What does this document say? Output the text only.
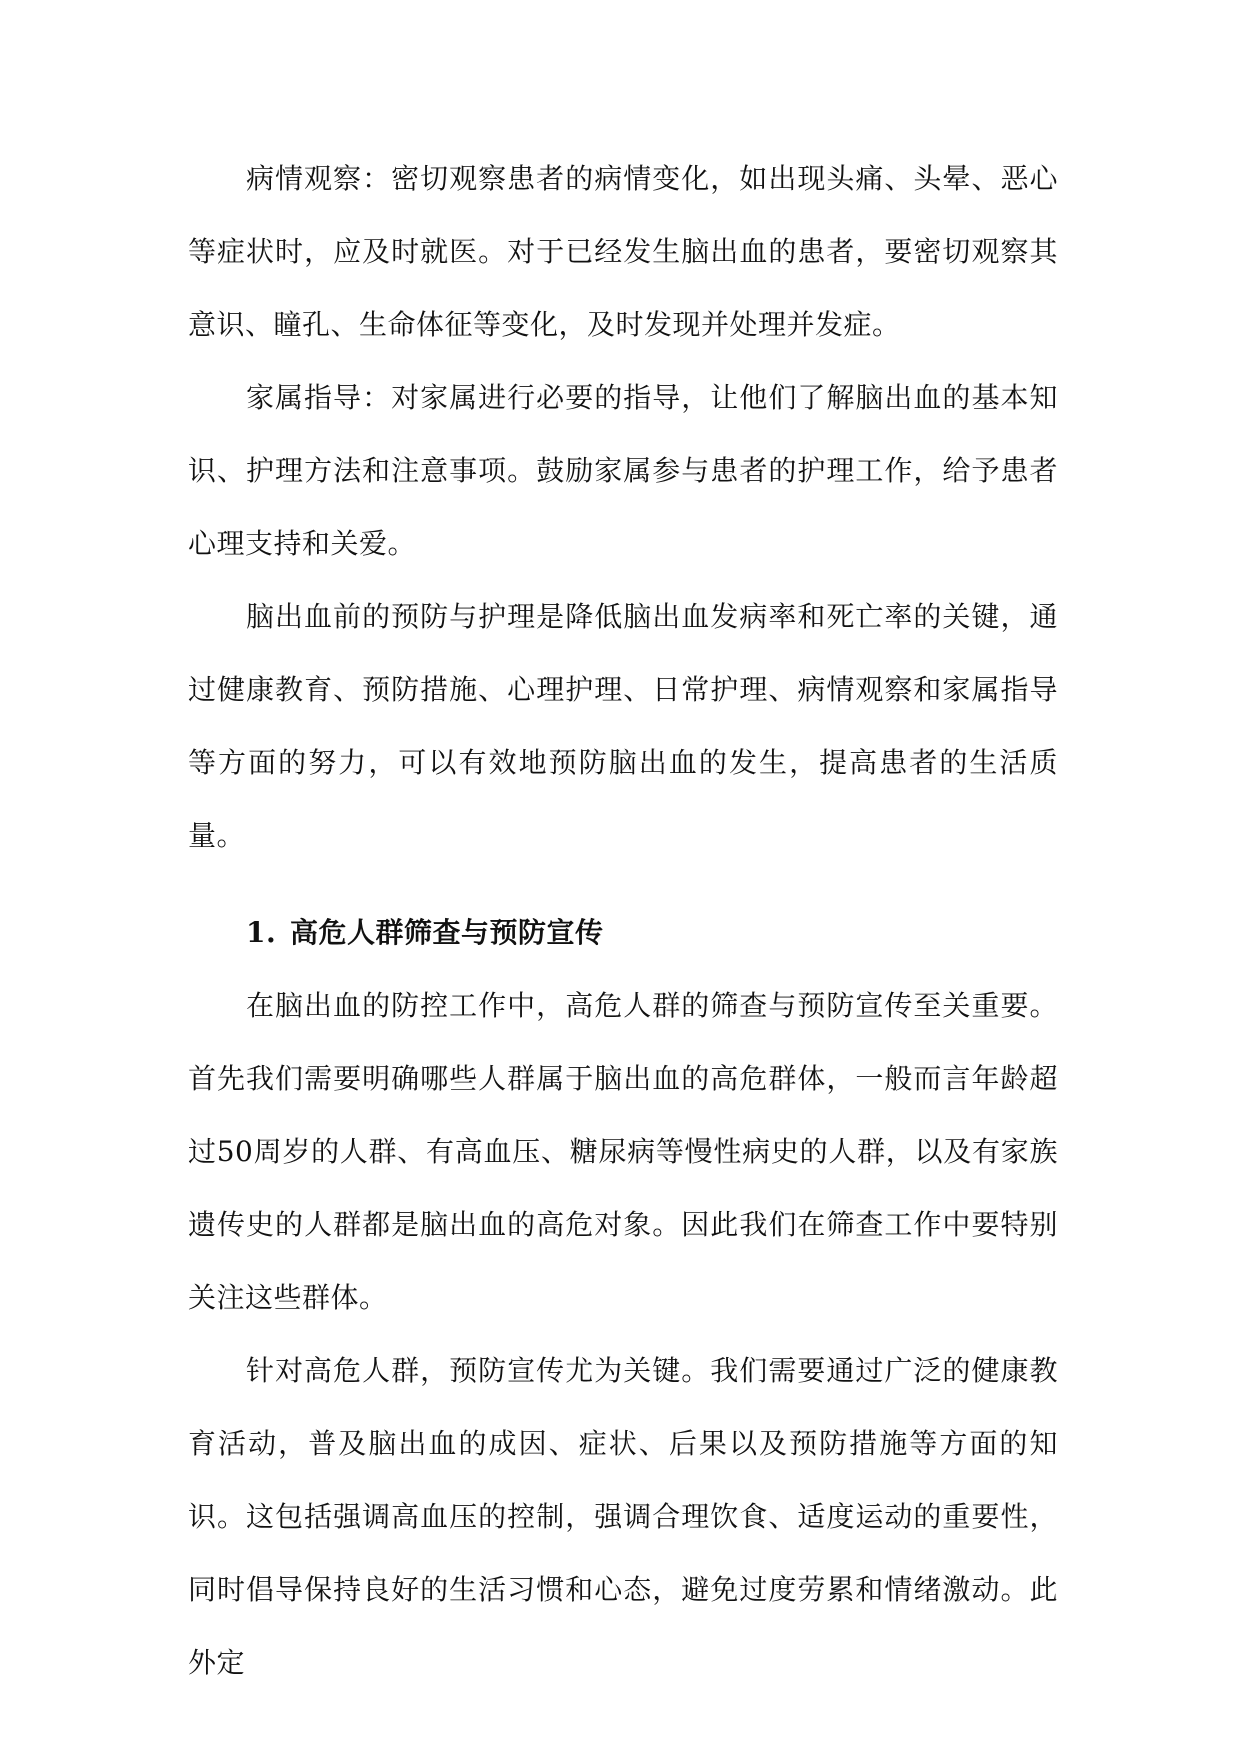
病情观察：密切观察患者的病情变化，如出现头痛、头晕、恶心等症状时，应及时就医。对于已经发生脑出血的患者，要密切观察其意识、瞳孔、生命体征等变化，及时发现并处理并发症。

家属指导：对家属进行必要的指导，让他们了解脑出血的基本知识、护理方法和注意事项。鼓励家属参与患者的护理工作，给予患者心理支持和关爱。

脑出血前的预防与护理是降低脑出血发病率和死亡率的关键，通过健康教育、预防措施、心理护理、日常护理、病情观察和家属指导等方面的努力，可以有效地预防脑出血的发生，提高患者的生活质量。

1. 高危人群筛查与预防宣传

在脑出血的防控工作中，高危人群的筛查与预防宣传至关重要。首先我们需要明确哪些人群属于脑出血的高危群体，一般而言年龄超过50周岁的人群、有高血压、糖尿病等慢性病史的人群，以及有家族遗传史的人群都是脑出血的高危对象。因此我们在筛查工作中要特别关注这些群体。

针对高危人群，预防宣传尤为关键。我们需要通过广泛的健康教育活动，普及脑出血的成因、症状、后果以及预防措施等方面的知识。这包括强调高血压的控制，强调合理饮食、适度运动的重要性，同时倡导保持良好的生活习惯和心态，避免过度劳累和情绪激动。此外定
